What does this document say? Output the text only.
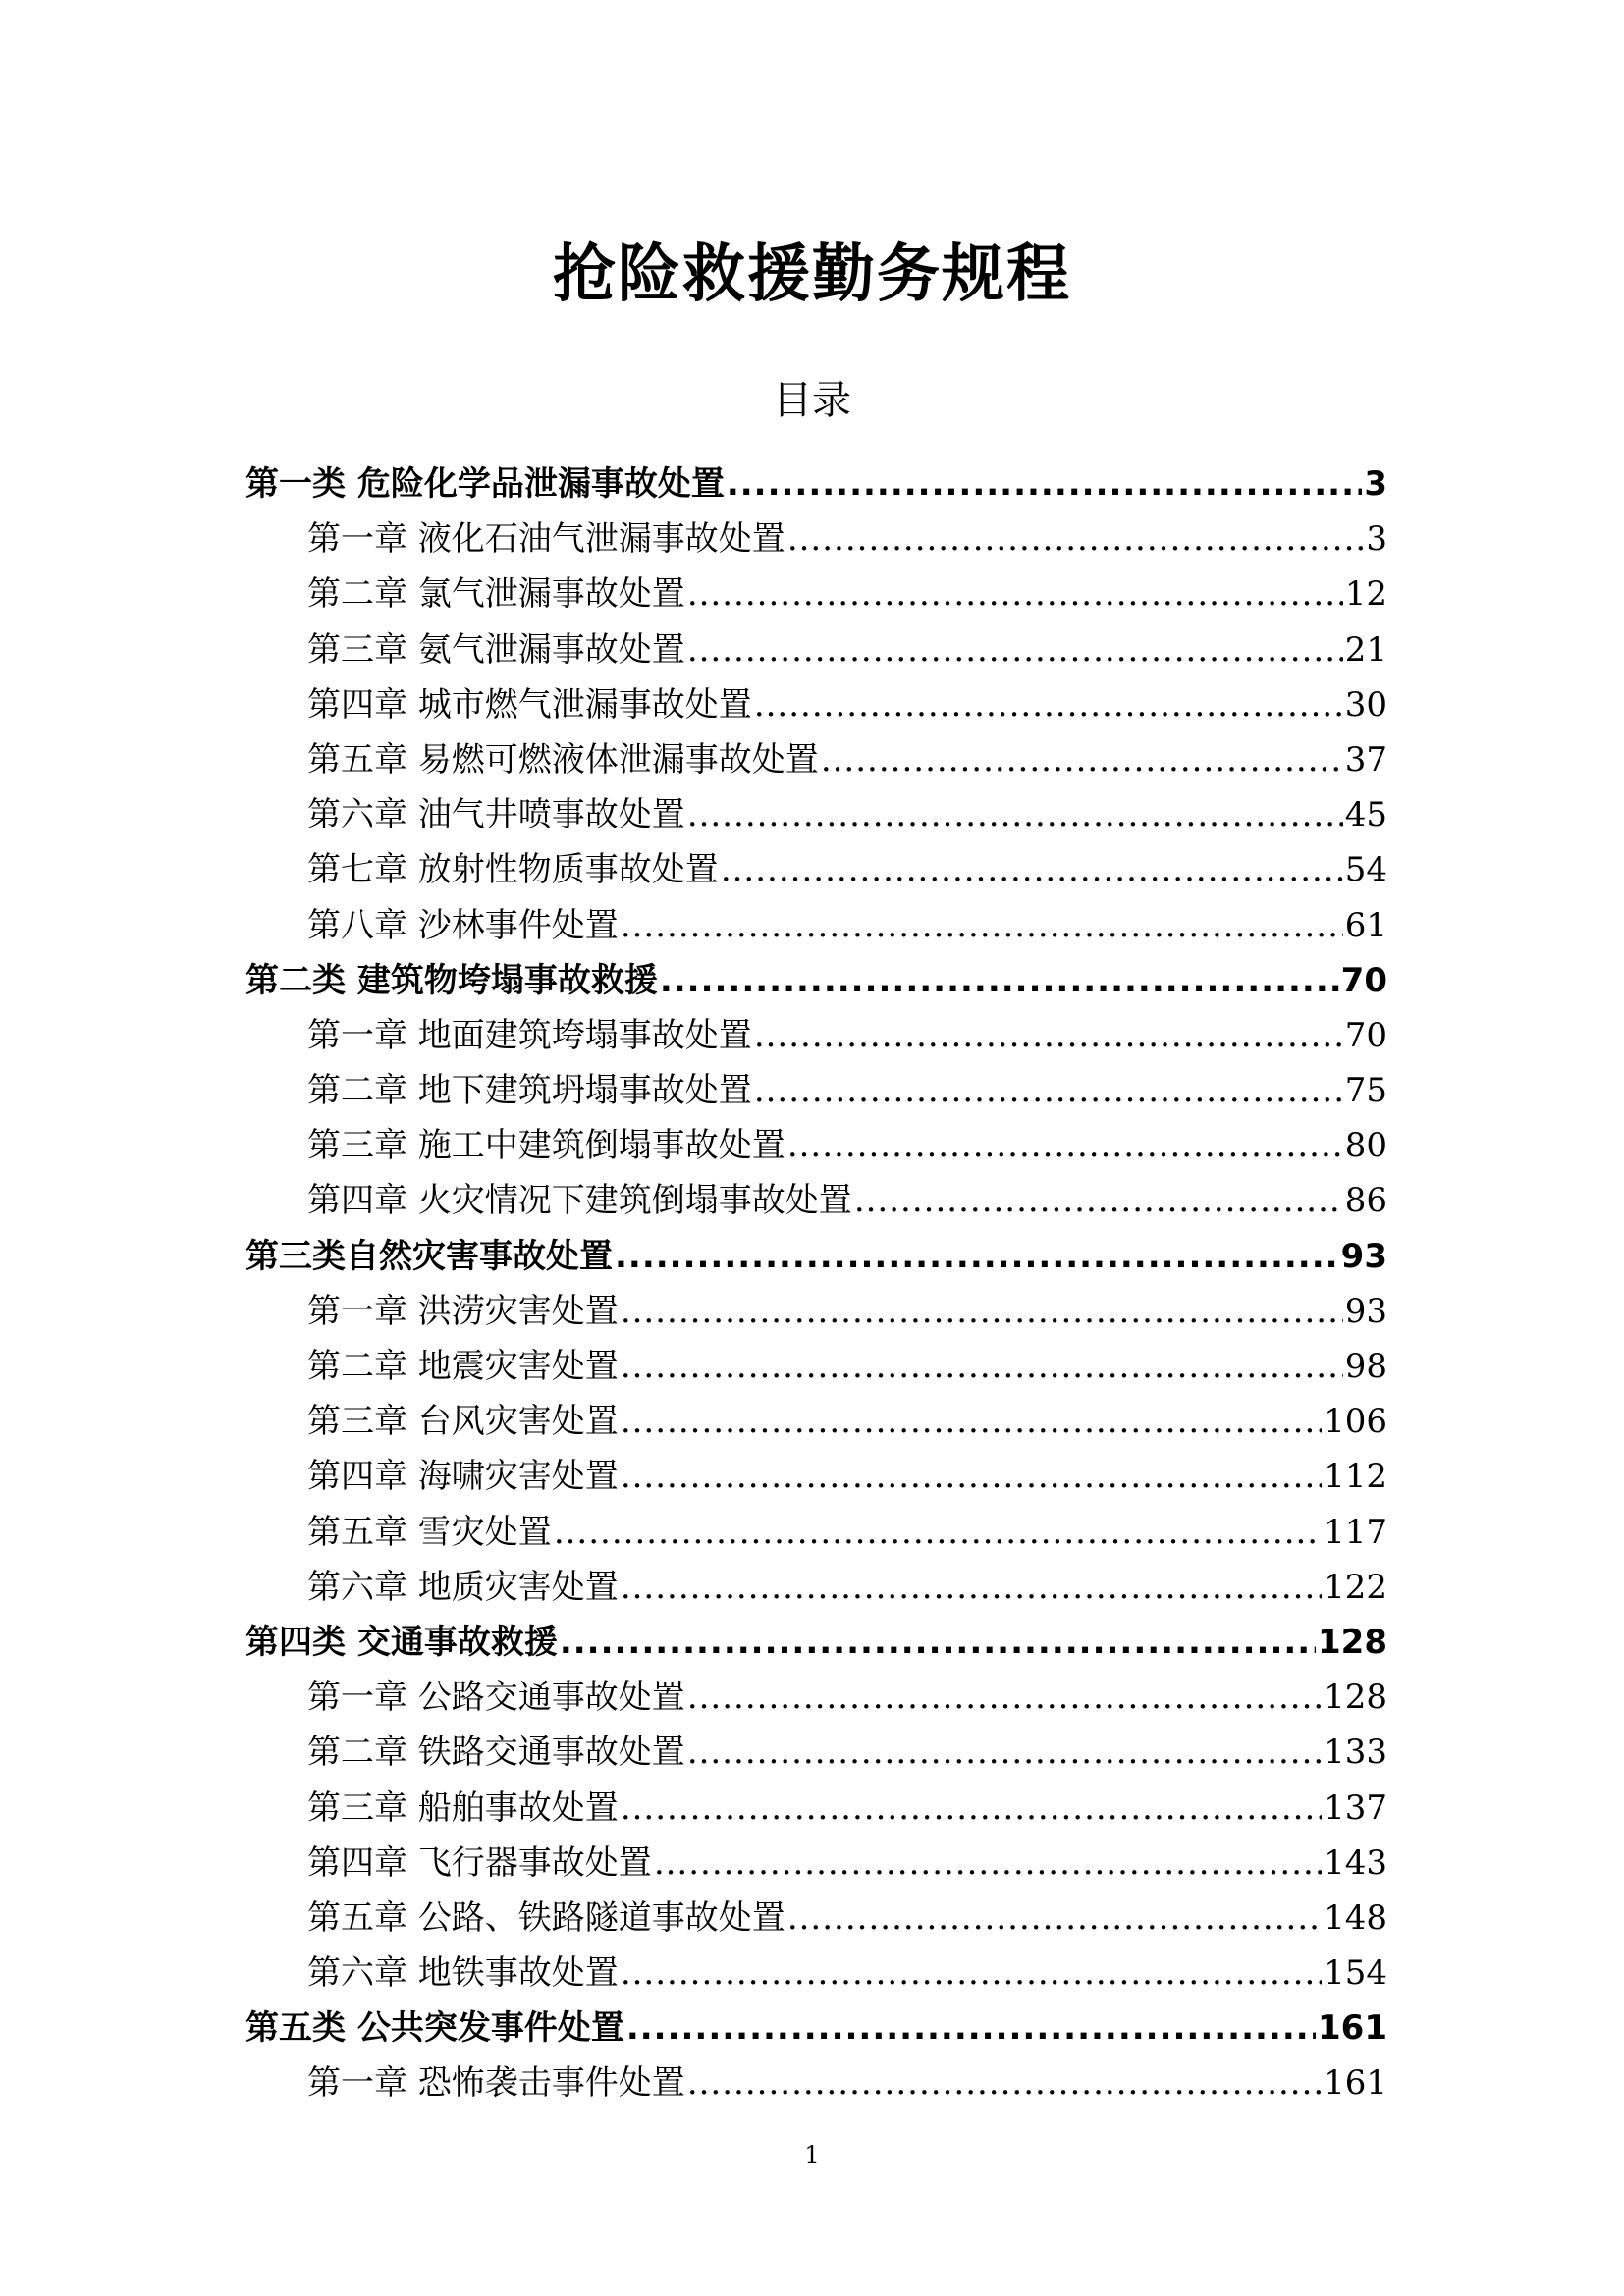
抢险救援勤务规程
目录
第一类 危险化学品泄漏事故处置 .....	3
第一章 液化石油气泄漏事故处置 .....	3
第二章 氯气泄漏事故处置 .....	12
第三章 氨气泄漏事故处置 .....	21
第四章 城市燃气泄漏事故处置 .....	30
第五章 易燃可燃液体泄漏事故处置 .....	37
第六章 油气井喷事故处置 .....	45
第七章 放射性物质事故处置 .....	54
第八章 沙林事件处置 .....	61
第二类 建筑物垮塌事故救援 .....	70
第一章 地面建筑垮塌事故处置 .....	70
第二章 地下建筑坍塌事故处置 .....	75
第三章 施工中建筑倒塌事故处置 .....	80
第四章 火灾情况下建筑倒塌事故处置 .....	86
第三类自然灾害事故处置 .....	93
第一章 洪涝灾害处置 .....	93
第二章 地震灾害处置 .....	98
第三章 台风灾害处置 .....	106
第四章 海啸灾害处置 .....	112
第五章 雪灾处置 .....	117
第六章 地质灾害处置 .....	122
第四类 交通事故救援 .....	128
第一章 公路交通事故处置 .....	128
第二章 铁路交通事故处置 .....	133
第三章 船舶事故处置 .....	137
第四章 飞行器事故处置 .....	143
第五章 公路、铁路隧道事故处置 .....	148
第六章 地铁事故处置 .....	154
第五类 公共突发事件处置 .....	161
第一章 恐怖袭击事件处置 .....	161
1
